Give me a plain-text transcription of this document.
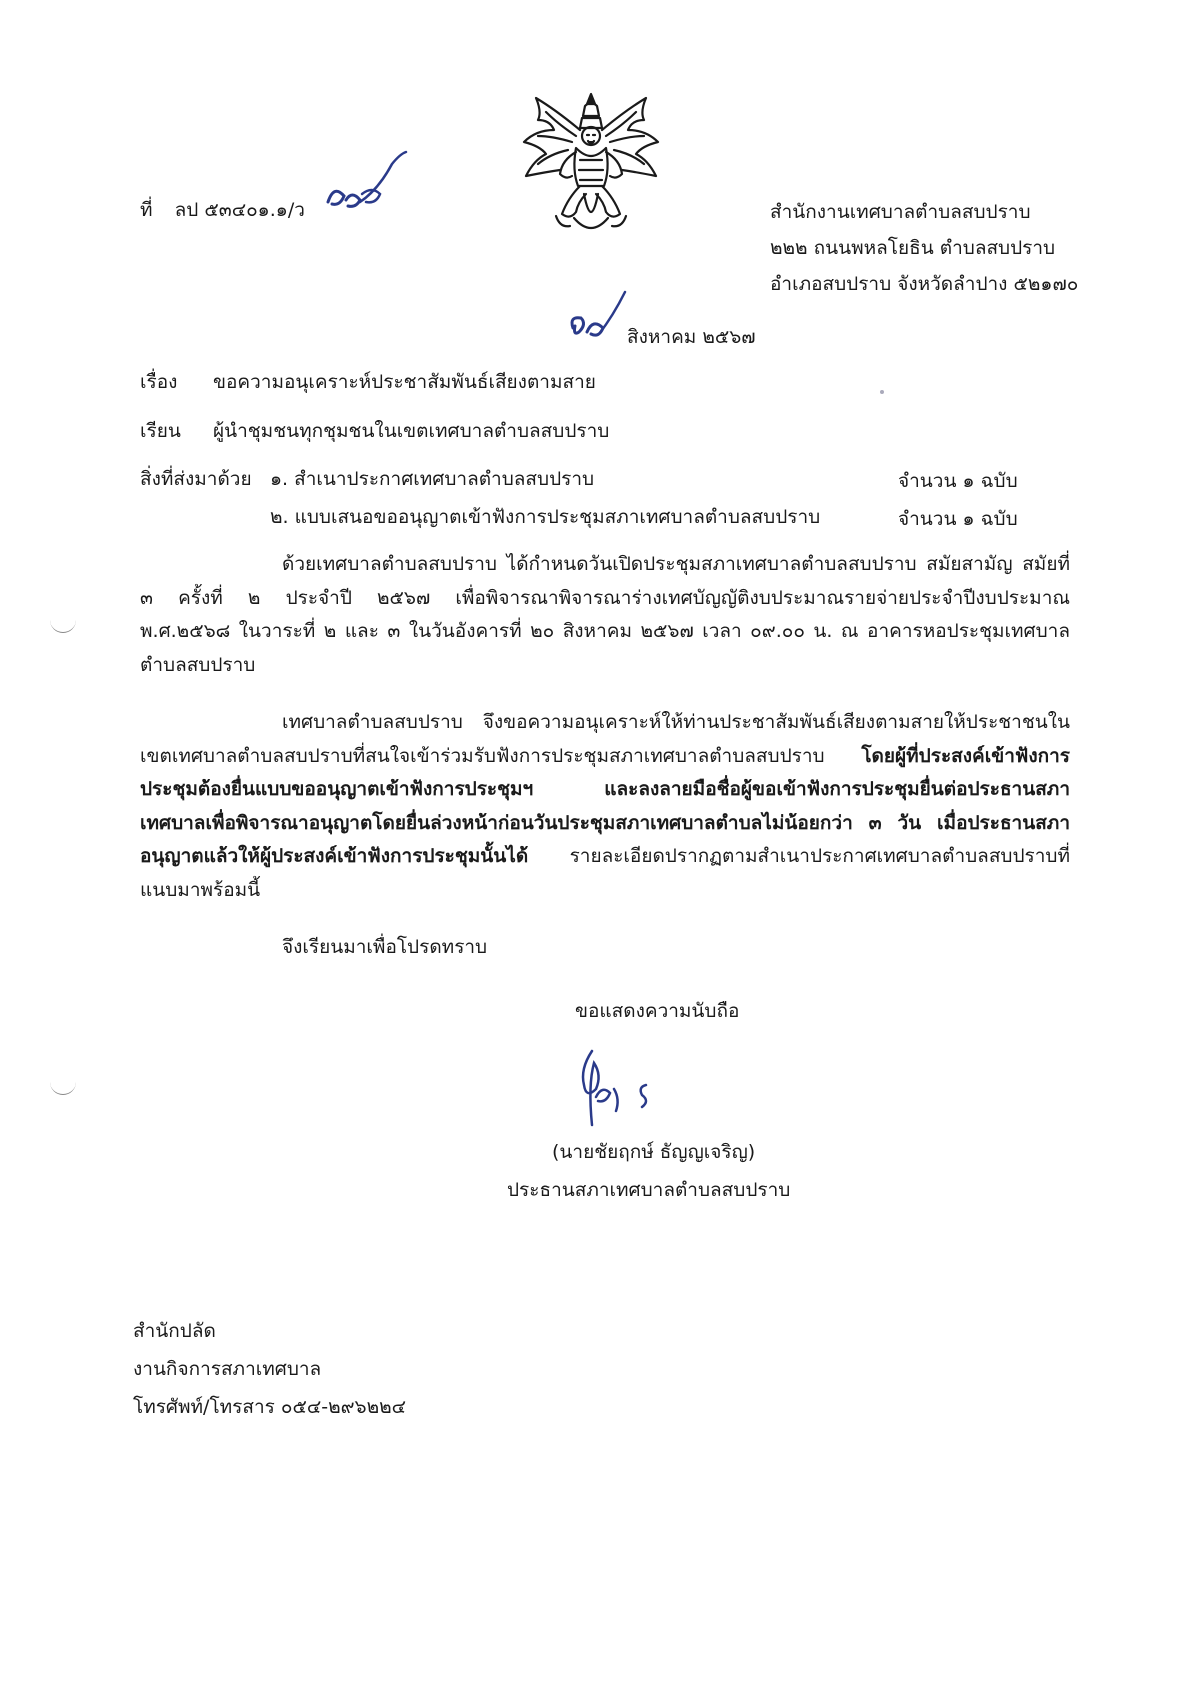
ที่ ลป ๕๓๔๐๑.๑/ว	สำนักงานเทศบาลตำบลสบปราบ
๒๒๒ ถนนพหลโยธิน ตำบลสบปราบ
อำเภอสบปราบ จังหวัดลำปาง ๕๒๑๗๐
สิงหาคม ๒๕๖๗
เรื่อง ขอความอนุเคราะห์ประชาสัมพันธ์เสียงตามสาย
เรียน ผู้นำชุมชนทุกชุมชนในเขตเทศบาลตำบลสบปราบ
สิ่งที่ส่งมาด้วย ๑. สำเนาประกาศเทศบาลตำบลสบปราบ	จำนวน ๑ ฉบับ
๒. แบบเสนอขออนุญาตเข้าฟังการประชุมสภาเทศบาลตำบลสบปราบ	จำนวน ๑ ฉบับ
ด้วยเทศบาลตำบลสบปราบ ได้กำหนดวันเปิดประชุมสภาเทศบาลตำบลสบปราบ สมัยสามัญ สมัยที่ ๓ ครั้งที่ ๒ ประจำปี ๒๕๖๗ เพื่อพิจารณาพิจารณาร่างเทศบัญญัติงบประมาณรายจ่ายประจำปีงบประมาณ พ.ศ.๒๕๖๘ ในวาระที่ ๒ และ ๓ ในวันอังคารที่ ๒๐ สิงหาคม ๒๕๖๗ เวลา ๐๙.๐๐ น. ณ อาคารหอประชุมเทศบาลตำบลสบปราบ
เทศบาลตำบลสบปราบ จึงขอความอนุเคราะห์ให้ท่านประชาสัมพันธ์เสียงตามสายให้ประชาชนในเขตเทศบาลตำบลสบปราบที่สนใจเข้าร่วมรับฟังการประชุมสภาเทศบาลตำบลสบปราบ โดยผู้ที่ประสงค์เข้าฟังการประชุมต้องยื่นแบบขออนุญาตเข้าฟังการประชุมฯ และลงลายมือชื่อผู้ขอเข้าฟังการประชุมยื่นต่อประธานสภาเทศบาลเพื่อพิจารณาอนุญาตโดยยื่นล่วงหน้าก่อนวันประชุมสภาเทศบาลตำบลไม่น้อยกว่า ๓ วัน เมื่อประธานสภาอนุญาตแล้วให้ผู้ประสงค์เข้าฟังการประชุมนั้นได้ รายละเอียดปรากฏตามสำเนาประกาศเทศบาลตำบลสบปราบที่แนบมาพร้อมนี้
จึงเรียนมาเพื่อโปรดทราบ
ขอแสดงความนับถือ
(นายชัยฤกษ์ ธัญญเจริญ)
ประธานสภาเทศบาลตำบลสบปราบ
สำนักปลัด
งานกิจการสภาเทศบาล
โทรศัพท์/โทรสาร ๐๕๔-๒๙๖๒๒๔
